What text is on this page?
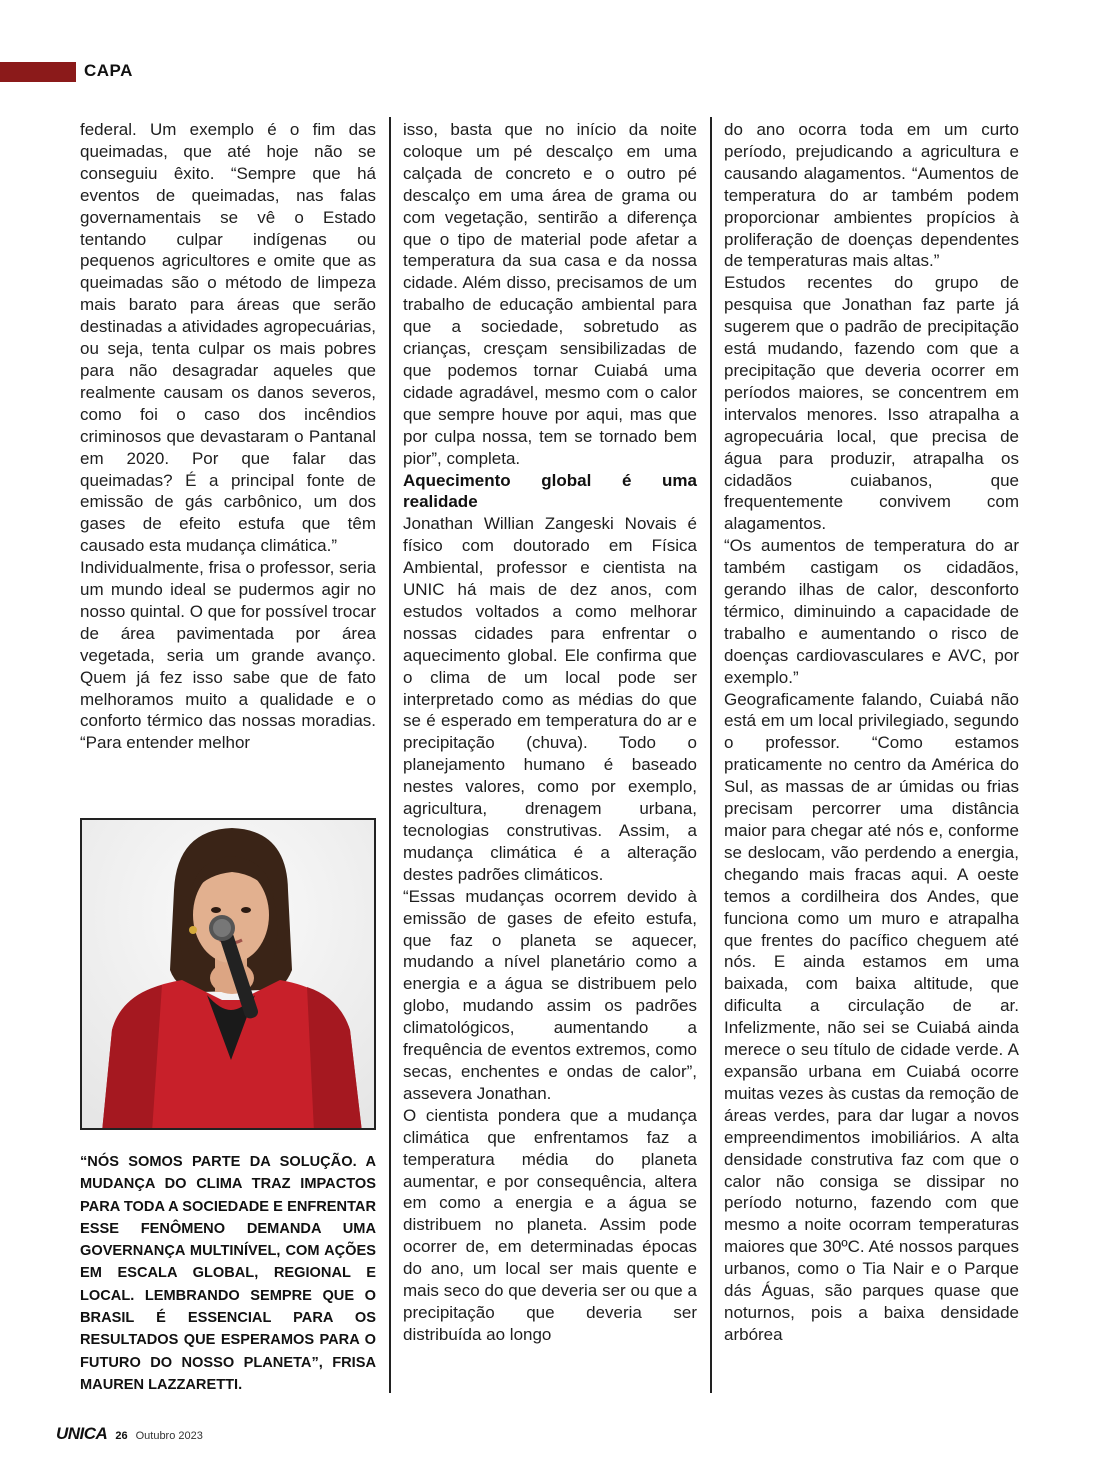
CAPA

federal. Um exemplo é o fim das queimadas, que até hoje não se conseguiu êxito. “Sempre que há eventos de queimadas, nas falas governamentais se vê o Estado tentando culpar indígenas ou pequenos agricultores e omite que as queimadas são o método de limpeza mais barato para áreas que serão destinadas a atividades agropecuárias, ou seja, tenta culpar os mais pobres para não desagradar aqueles que realmente causam os danos severos, como foi o caso dos incêndios criminosos que devastaram o Pantanal em 2020. Por que falar das queimadas? É a principal fonte de emissão de gás carbônico, um dos gases de efeito estufa que têm causado esta mudança climática.”

Individualmente, frisa o professor, seria um mundo ideal se pudermos agir no nosso quintal. O que for possível trocar de área pavimentada por área vegetada, seria um grande avanço. Quem já fez isso sabe que de fato melhoramos muito a qualidade e o conforto térmico das nossas moradias. “Para entender melhor

“NÓS SOMOS PARTE DA SOLUÇÃO. A MUDANÇA DO CLIMA TRAZ IMPACTOS PARA TODA A SOCIEDADE E ENFRENTAR ESSE FENÔMENO DEMANDA UMA GOVERNANÇA MULTINÍVEL, COM AÇÕES EM ESCALA GLOBAL, REGIONAL E LOCAL. LEMBRANDO SEMPRE QUE O BRASIL É ESSENCIAL PARA OS RESULTADOS QUE ESPERAMOS PARA O FUTURO DO NOSSO PLANETA”, FRISA MAUREN LAZZARETTI.

isso, basta que no início da noite coloque um pé descalço em uma calçada de concreto e o outro pé descalço em uma área de grama ou com vegetação, sentirão a diferença que o tipo de material pode afetar a temperatura da sua casa e da nossa cidade. Além disso, precisamos de um trabalho de educação ambiental para que a sociedade, sobretudo as crianças, cresçam sensibilizadas de que podemos tornar Cuiabá uma cidade agradável, mesmo com o calor que sempre houve por aqui, mas que por culpa nossa, tem se tornado bem pior”, completa.

Aquecimento global é uma realidade

Jonathan Willian Zangeski Novais é físico com doutorado em Física Ambiental, professor e cientista na UNIC há mais de dez anos, com estudos voltados a como melhorar nossas cidades para enfrentar o aquecimento global. Ele confirma que o clima de um local pode ser interpretado como as médias do que se é esperado em temperatura do ar e precipitação (chuva). Todo o planejamento humano é baseado nestes valores, como por exemplo, agricultura, drenagem urbana, tecnologias construtivas. Assim, a mudança climática é a alteração destes padrões climáticos.

“Essas mudanças ocorrem devido à emissão de gases de efeito estufa, que faz o planeta se aquecer, mudando a nível planetário como a energia e a água se distribuem pelo globo, mudando assim os padrões climatológicos, aumentando a frequência de eventos extremos, como secas, enchentes e ondas de calor”, assevera Jonathan.

O cientista pondera que a mudança climática que enfrentamos faz a temperatura média do planeta aumentar, e por consequência, altera em como a energia e a água se distribuem no planeta. Assim pode ocorrer de, em determinadas épocas do ano, um local ser mais quente e mais seco do que deveria ser ou que a precipitação que deveria ser distribuída ao longo

do ano ocorra toda em um curto período, prejudicando a agricultura e causando alagamentos. “Aumentos de temperatura do ar também podem proporcionar ambientes propícios à proliferação de doenças dependentes de temperaturas mais altas.”

Estudos recentes do grupo de pesquisa que Jonathan faz parte já sugerem que o padrão de precipitação está mudando, fazendo com que a precipitação que deveria ocorrer em períodos maiores, se concentrem em intervalos menores. Isso atrapalha a agropecuária local, que precisa de água para produzir, atrapalha os cidadãos cuiabanos, que frequentemente convivem com alagamentos.

“Os aumentos de temperatura do ar também castigam os cidadãos, gerando ilhas de calor, desconforto térmico, diminuindo a capacidade de trabalho e aumentando o risco de doenças cardiovasculares e AVC, por exemplo.”

Geograficamente falando, Cuiabá não está em um local privilegiado, segundo o professor. “Como estamos praticamente no centro da América do Sul, as massas de ar úmidas ou frias precisam percorrer uma distância maior para chegar até nós e, conforme se deslocam, vão perdendo a energia, chegando mais fracas aqui. A oeste temos a cordilheira dos Andes, que funciona como um muro e atrapalha que frentes do pacífico cheguem até nós. E ainda estamos em uma baixada, com baixa altitude, que dificulta a circulação de ar. Infelizmente, não sei se Cuiabá ainda merece o seu título de cidade verde. A expansão urbana em Cuiabá ocorre muitas vezes às custas da remoção de áreas verdes, para dar lugar a novos empreendimentos imobiliários. A alta densidade construtiva faz com que o calor não consiga se dissipar no período noturno, fazendo com que mesmo a noite ocorram temperaturas maiores que 30ºC. Até nossos parques urbanos, como o Tia Nair e o Parque dás Águas, são parques quase que noturnos, pois a baixa densidade arbórea

UNICA 26 Outubro 2023
